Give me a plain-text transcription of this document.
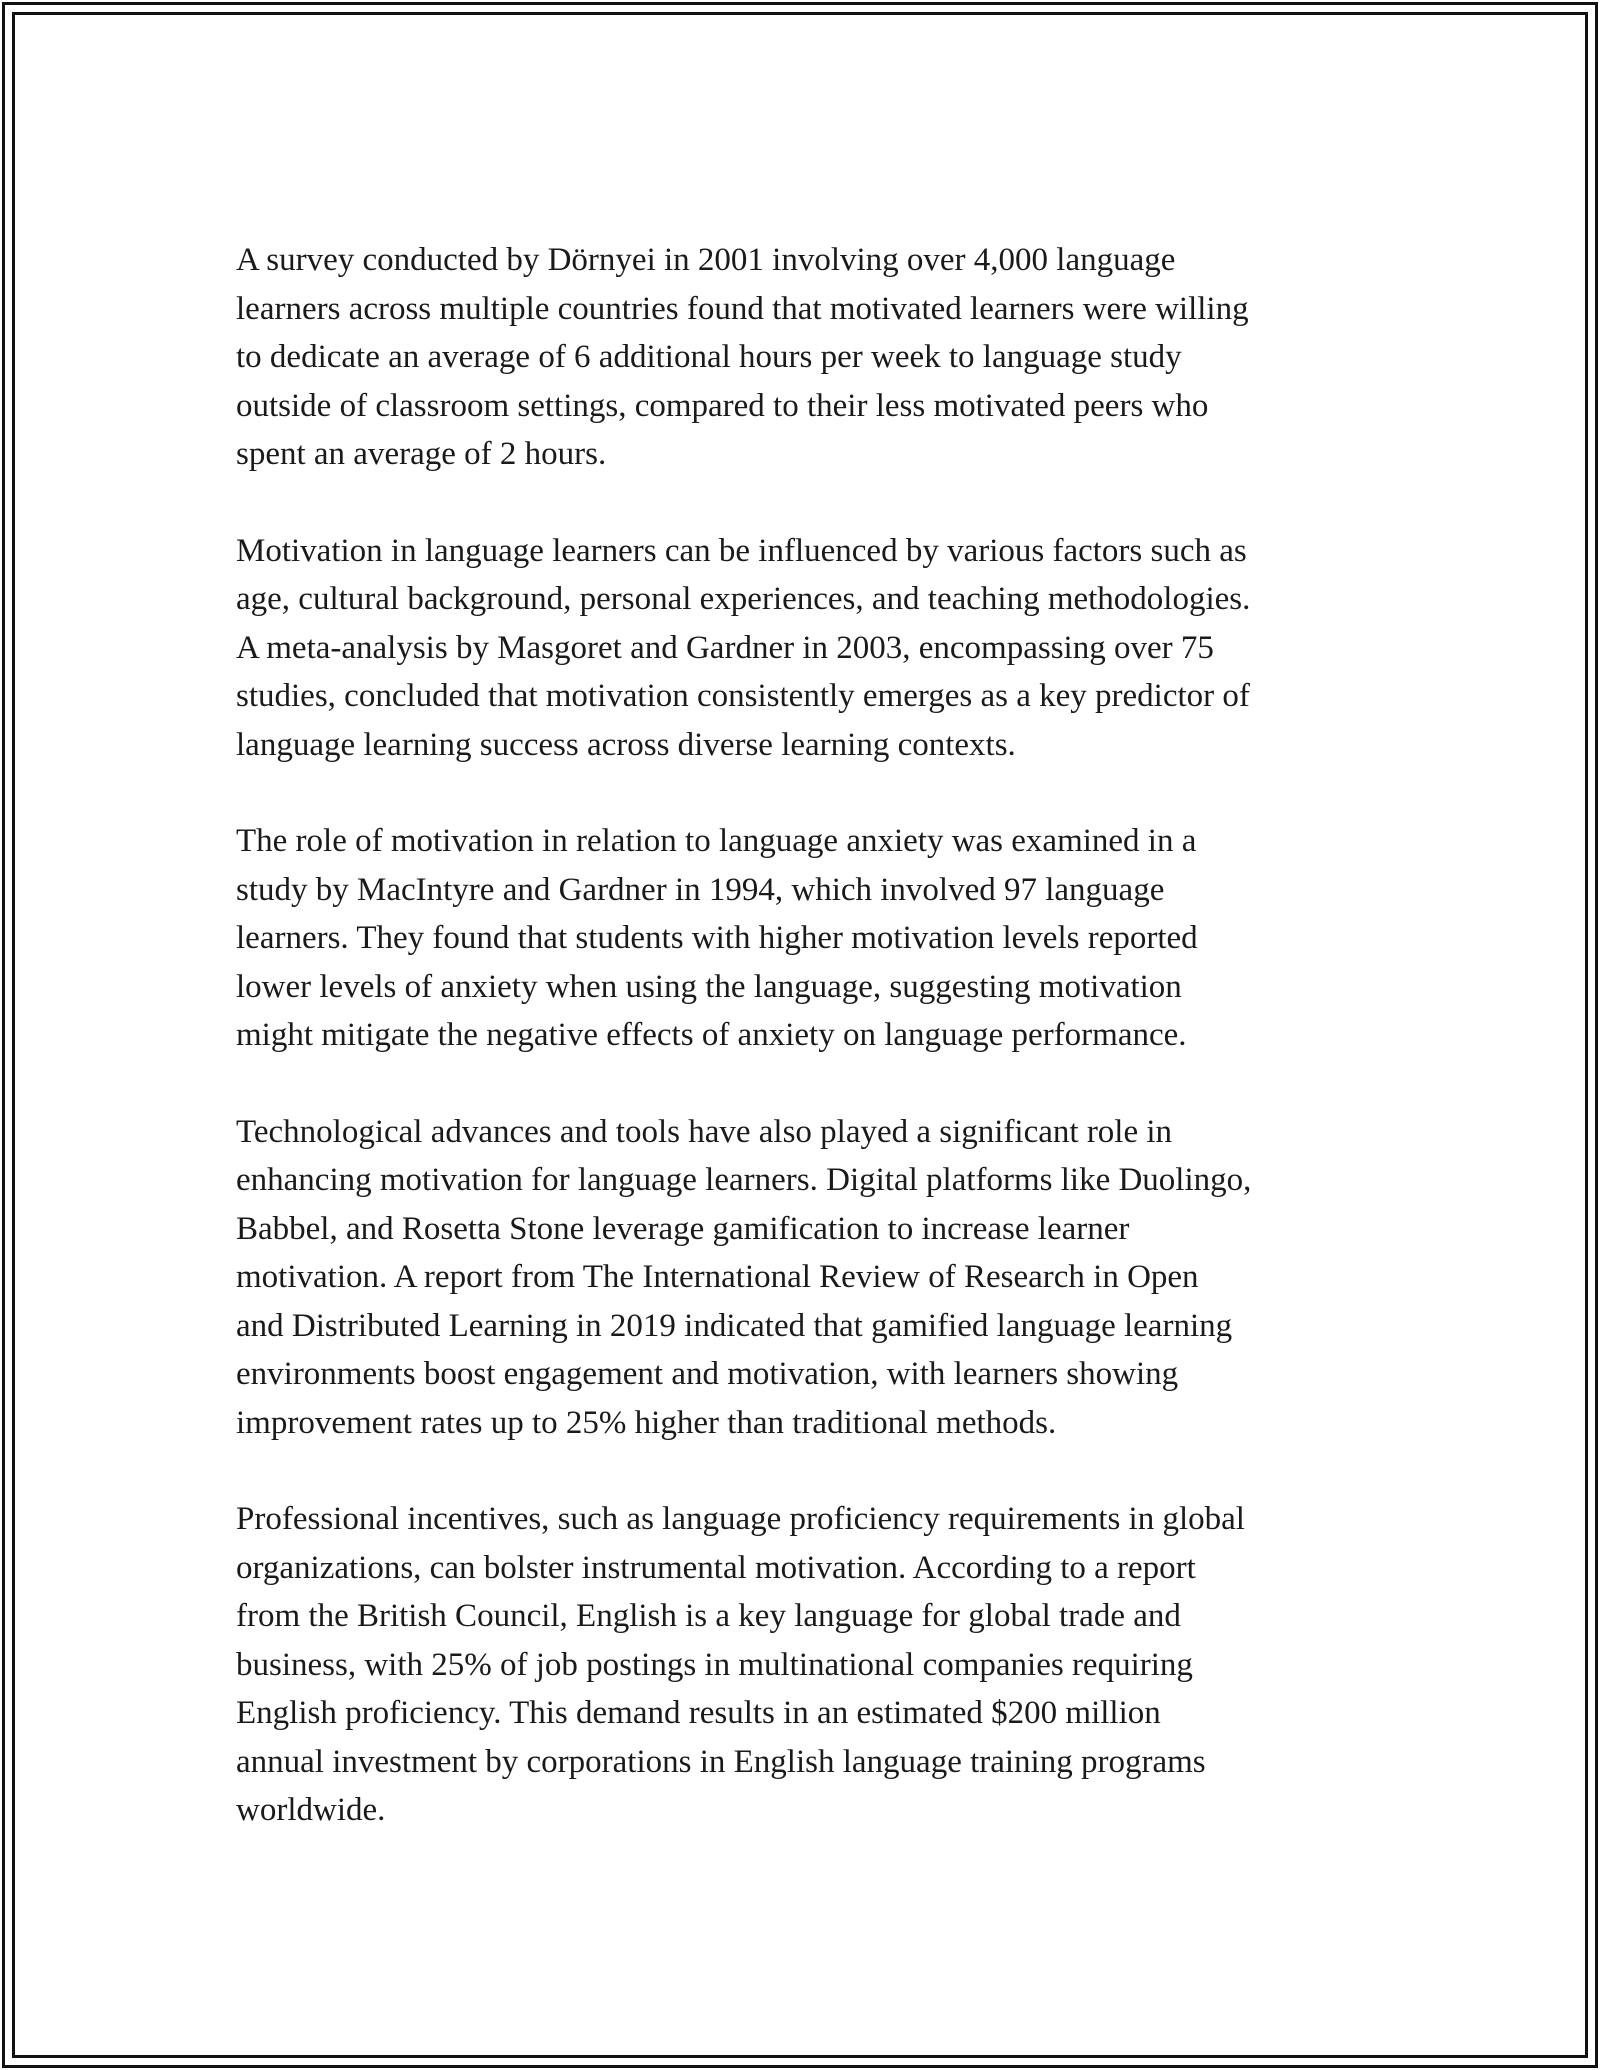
A survey conducted by Dörnyei in 2001 involving over 4,000 language
learners across multiple countries found that motivated learners were willing
to dedicate an average of 6 additional hours per week to language study
outside of classroom settings, compared to their less motivated peers who
spent an average of 2 hours.

Motivation in language learners can be influenced by various factors such as
age, cultural background, personal experiences, and teaching methodologies.
A meta-analysis by Masgoret and Gardner in 2003, encompassing over 75
studies, concluded that motivation consistently emerges as a key predictor of
language learning success across diverse learning contexts.

The role of motivation in relation to language anxiety was examined in a
study by MacIntyre and Gardner in 1994, which involved 97 language
learners. They found that students with higher motivation levels reported
lower levels of anxiety when using the language, suggesting motivation
might mitigate the negative effects of anxiety on language performance.

Technological advances and tools have also played a significant role in
enhancing motivation for language learners. Digital platforms like Duolingo,
Babbel, and Rosetta Stone leverage gamification to increase learner
motivation. A report from The International Review of Research in Open
and Distributed Learning in 2019 indicated that gamified language learning
environments boost engagement and motivation, with learners showing
improvement rates up to 25% higher than traditional methods.

Professional incentives, such as language proficiency requirements in global
organizations, can bolster instrumental motivation. According to a report
from the British Council, English is a key language for global trade and
business, with 25% of job postings in multinational companies requiring
English proficiency. This demand results in an estimated $200 million
annual investment by corporations in English language training programs
worldwide.
